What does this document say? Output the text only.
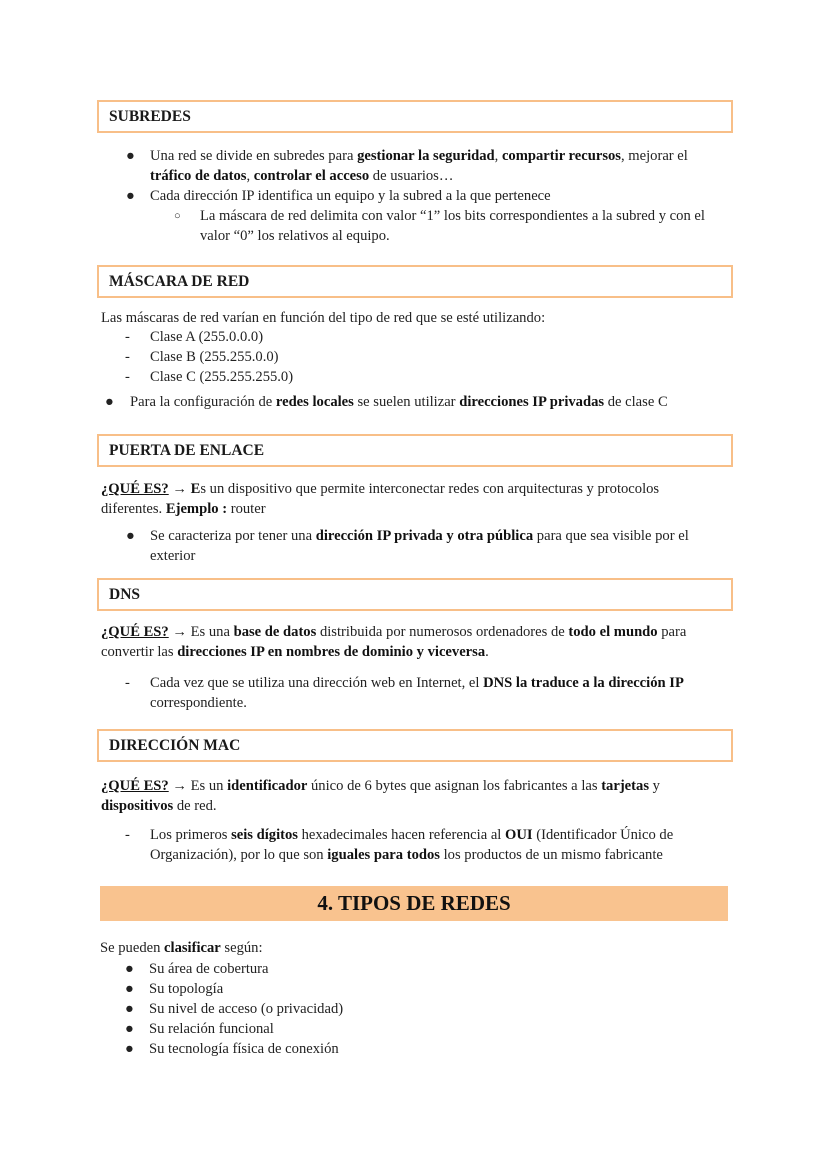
SUBREDES
● Una red se divide en subredes para gestionar la seguridad, compartir recursos, mejorar el tráfico de datos, controlar el acceso de usuarios…
● Cada dirección IP identifica un equipo y la subred a la que pertenece
○ La máscara de red delimita con valor “1” los bits correspondientes a la subred y con el valor “0” los relativos al equipo.
MÁSCARA DE RED
Las máscaras de red varían en función del tipo de red que se esté utilizando:
- Clase A (255.0.0.0)
- Clase B (255.255.0.0)
- Clase C (255.255.255.0)
● Para la configuración de redes locales se suelen utilizar direcciones IP privadas de clase C
PUERTA DE ENLACE
¿QUÉ ES? → Es un dispositivo que permite interconectar redes con arquitecturas y protocolos diferentes. Ejemplo : router
● Se caracteriza por tener una dirección IP privada y otra pública para que sea visible por el exterior
DNS
¿QUÉ ES? → Es una base de datos distribuida por numerosos ordenadores de todo el mundo para convertir las direcciones IP en nombres de dominio y viceversa.
- Cada vez que se utiliza una dirección web en Internet, el DNS la traduce a la dirección IP correspondiente.
DIRECCIÓN MAC
¿QUÉ ES? → Es un identificador único de 6 bytes que asignan los fabricantes a las tarjetas y dispositivos de red.
- Los primeros seis dígitos hexadecimales hacen referencia al OUI (Identificador Único de Organización), por lo que son iguales para todos los productos de un mismo fabricante
4. TIPOS DE REDES
Se pueden clasificar según:
● Su área de cobertura
● Su topología
● Su nivel de acceso (o privacidad)
● Su relación funcional
● Su tecnología física de conexión
